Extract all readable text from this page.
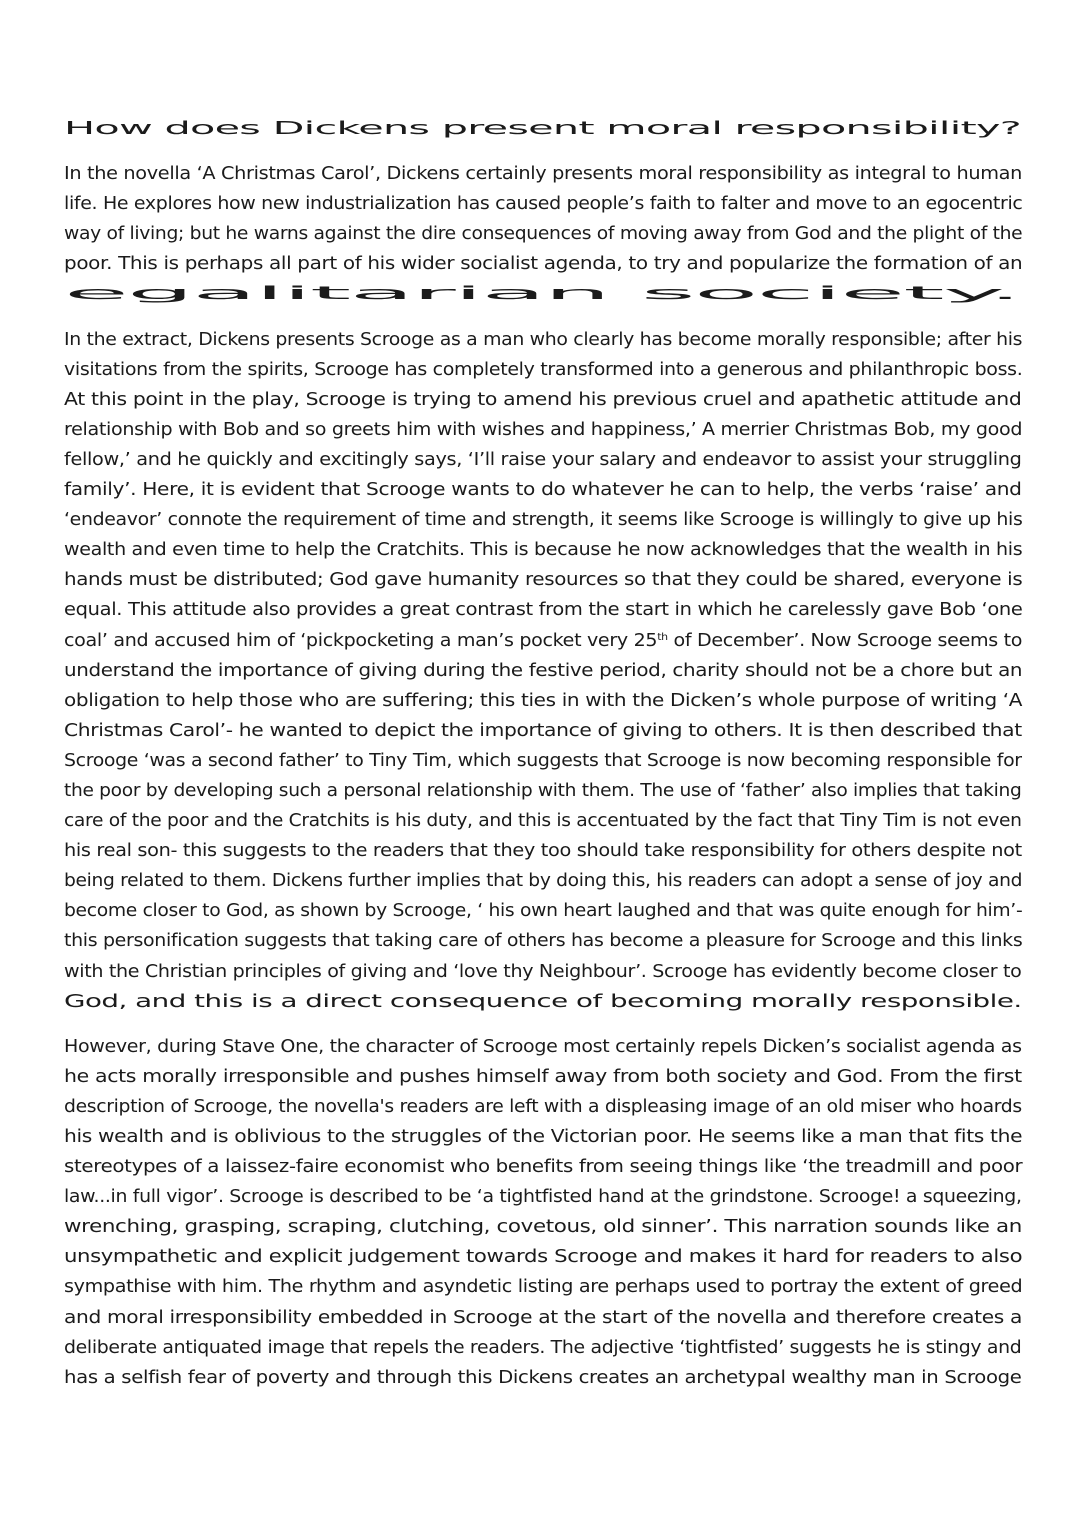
How does Dickens present moral responsibility?

In the novella ‘A Christmas Carol’, Dickens certainly presents moral responsibility as integral to human
life. He explores how new industrialization has caused people’s faith to falter and move to an egocentric
way of living; but he warns against the dire consequences of moving away from God and the plight of the
poor. This is perhaps all part of his wider socialist agenda, to try and popularize the formation of an
egalitarian society.

In the extract, Dickens presents Scrooge as a man who clearly has become morally responsible; after his
visitations from the spirits, Scrooge has completely transformed into a generous and philanthropic boss.
At this point in the play, Scrooge is trying to amend his previous cruel and apathetic attitude and
relationship with Bob and so greets him with wishes and happiness,’ A merrier Christmas Bob, my good
fellow,’ and he quickly and excitingly says, ‘I’ll raise your salary and endeavor to assist your struggling
family’. Here, it is evident that Scrooge wants to do whatever he can to help, the verbs ‘raise’ and
‘endeavor’ connote the requirement of time and strength, it seems like Scrooge is willingly to give up his
wealth and even time to help the Cratchits. This is because he now acknowledges that the wealth in his
hands must be distributed; God gave humanity resources so that they could be shared, everyone is
equal. This attitude also provides a great contrast from the start in which he carelessly gave Bob ‘one
coal’ and accused him of ‘pickpocketing a man’s pocket very 25th of December’. Now Scrooge seems to
understand the importance of giving during the festive period, charity should not be a chore but an
obligation to help those who are suffering; this ties in with the Dicken’s whole purpose of writing ‘A
Christmas Carol’- he wanted to depict the importance of giving to others. It is then described that
Scrooge ‘was a second father’ to Tiny Tim, which suggests that Scrooge is now becoming responsible for
the poor by developing such a personal relationship with them. The use of ‘father’ also implies that taking
care of the poor and the Cratchits is his duty, and this is accentuated by the fact that Tiny Tim is not even
his real son- this suggests to the readers that they too should take responsibility for others despite not
being related to them. Dickens further implies that by doing this, his readers can adopt a sense of joy and
become closer to God, as shown by Scrooge, ‘ his own heart laughed and that was quite enough for him’-
this personification suggests that taking care of others has become a pleasure for Scrooge and this links
with the Christian principles of giving and ‘love thy Neighbour’. Scrooge has evidently become closer to
God, and this is a direct consequence of becoming morally responsible.

However, during Stave One, the character of Scrooge most certainly repels Dicken’s socialist agenda as
he acts morally irresponsible and pushes himself away from both society and God. From the first
description of Scrooge, the novella's readers are left with a displeasing image of an old miser who hoards
his wealth and is oblivious to the struggles of the Victorian poor. He seems like a man that fits the
stereotypes of a laissez-faire economist who benefits from seeing things like ‘the treadmill and poor
law...in full vigor’. Scrooge is described to be ‘a tightfisted hand at the grindstone. Scrooge! a squeezing,
wrenching, grasping, scraping, clutching, covetous, old sinner’. This narration sounds like an
unsympathetic and explicit judgement towards Scrooge and makes it hard for readers to also
sympathise with him. The rhythm and asyndetic listing are perhaps used to portray the extent of greed
and moral irresponsibility embedded in Scrooge at the start of the novella and therefore creates a
deliberate antiquated image that repels the readers. The adjective ‘tightfisted’ suggests he is stingy and
has a selfish fear of poverty and through this Dickens creates an archetypal wealthy man in Scrooge
